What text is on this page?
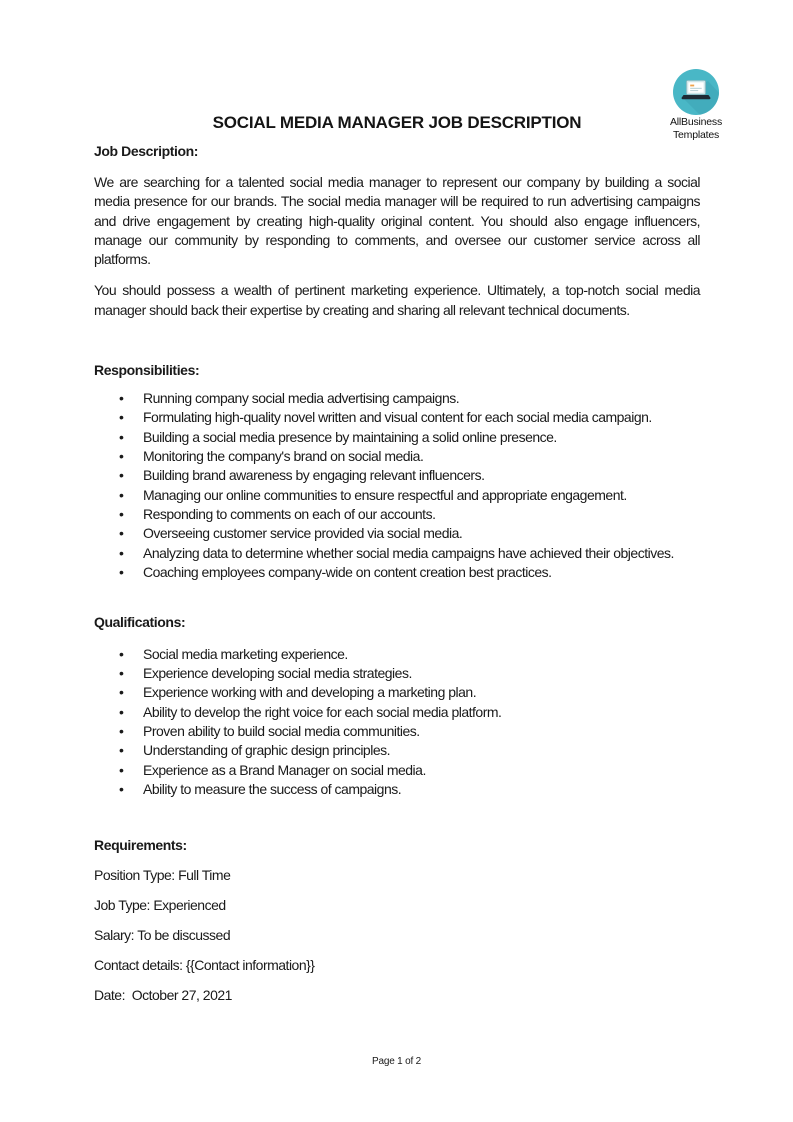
AllBusiness
Templates
SOCIAL MEDIA MANAGER JOB DESCRIPTION
Job Description:

We are searching for a talented social media manager to represent our company by building a social media presence for our brands. The social media manager will be required to run advertising campaigns and drive engagement by creating high-quality original content. You should also engage influencers, manage our community by responding to comments, and oversee our customer service across all platforms.

You should possess a wealth of pertinent marketing experience. Ultimately, a top-notch social media manager should back their expertise by creating and sharing all relevant technical documents.

Responsibilities:
• Running company social media advertising campaigns.
• Formulating high-quality novel written and visual content for each social media campaign.
• Building a social media presence by maintaining a solid online presence.
• Monitoring the company's brand on social media.
• Building brand awareness by engaging relevant influencers.
• Managing our online communities to ensure respectful and appropriate engagement.
• Responding to comments on each of our accounts.
• Overseeing customer service provided via social media.
• Analyzing data to determine whether social media campaigns have achieved their objectives.
• Coaching employees company-wide on content creation best practices.
Qualifications:
• Social media marketing experience.
• Experience developing social media strategies.
• Experience working with and developing a marketing plan.
• Ability to develop the right voice for each social media platform.
• Proven ability to build social media communities.
• Understanding of graphic design principles.
• Experience as a Brand Manager on social media.
• Ability to measure the success of campaigns.
Requirements:

Position Type: Full Time

Job Type: Experienced

Salary: To be discussed

Contact details: {{Contact information}}

Date:  October 27, 2021

Page 1 of 2
